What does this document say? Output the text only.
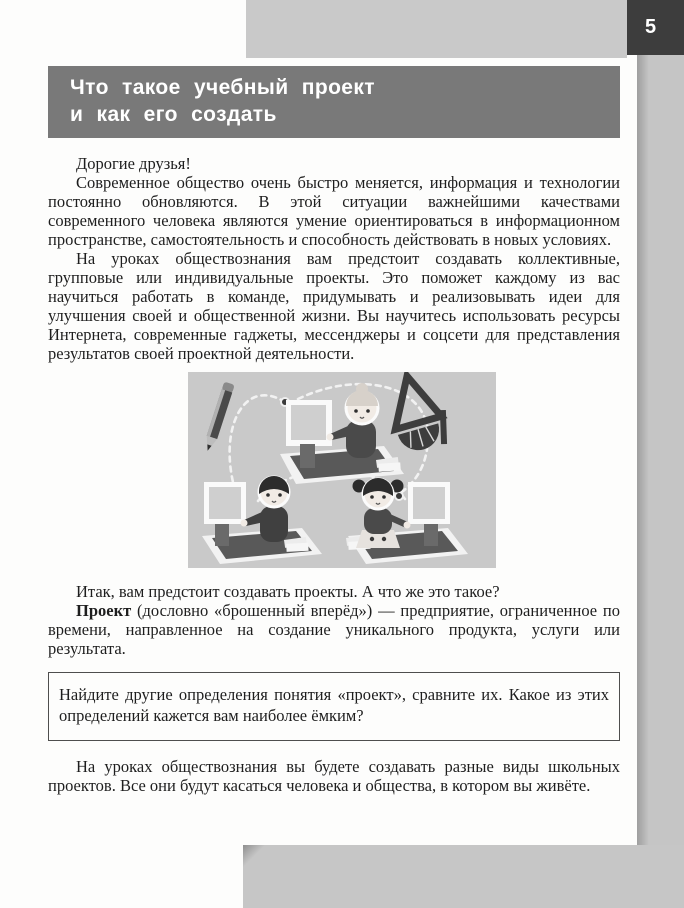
5
Что такое учебный проект
и как его создать

Дорогие друзья!

Современное общество очень быстро меняется, информация и технологии постоянно обновляются. В этой ситуации важнейшими качествами современного человека являются умение ориентироваться в информационном пространстве, самостоятельность и способность действовать в новых условиях.

На уроках обществознания вам предстоит создавать коллективные, групповые или индивидуальные проекты. Это поможет каждому из вас научиться работать в команде, придумывать и реализовывать идеи для улучшения своей и общественной жизни. Вы научитесь использовать ресурсы Интернета, современные гаджеты, мессенджеры и соцсети для представления результатов своей проектной деятельности.

Итак, вам предстоит создавать проекты. А что же это такое?

Проект (дословно «брошенный вперёд») — предприятие, ограниченное по времени, направленное на создание уникального продукта, услуги или результата.

Найдите другие определения понятия «проект», сравните их. Какое из этих определений кажется вам наиболее ёмким?

На уроках обществознания вы будете создавать разные виды школьных проектов. Все они будут касаться человека и общества, в котором вы живёте.
